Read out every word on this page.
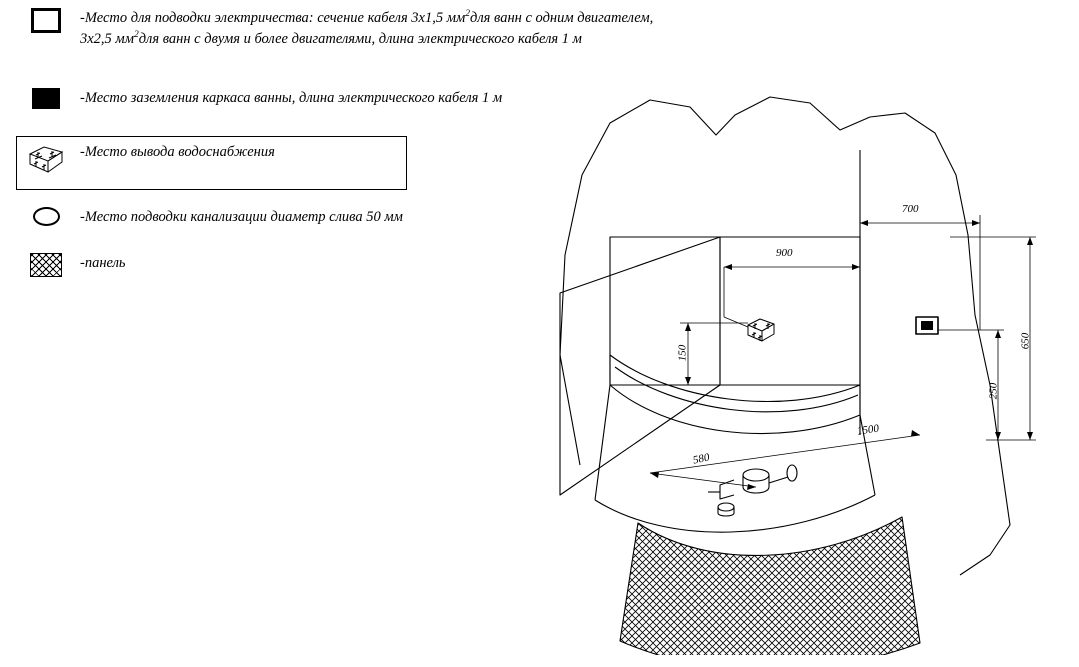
-Место для подводки электричества: сечение кабеля 3х1,5 $мм^2для$ ванн с одним двигателем, 3х2,5 $мм^2для$ ванн с двумя и более двигателями, длина электрического кабеля 1 м
-Место заземления каркаса ванны, длина электрического кабеля 1 м
-Место вывода водоснабжения
-Место подводки канализации диаметр слива 50 мм
-панель
700
900
150
650
250
1500
580
